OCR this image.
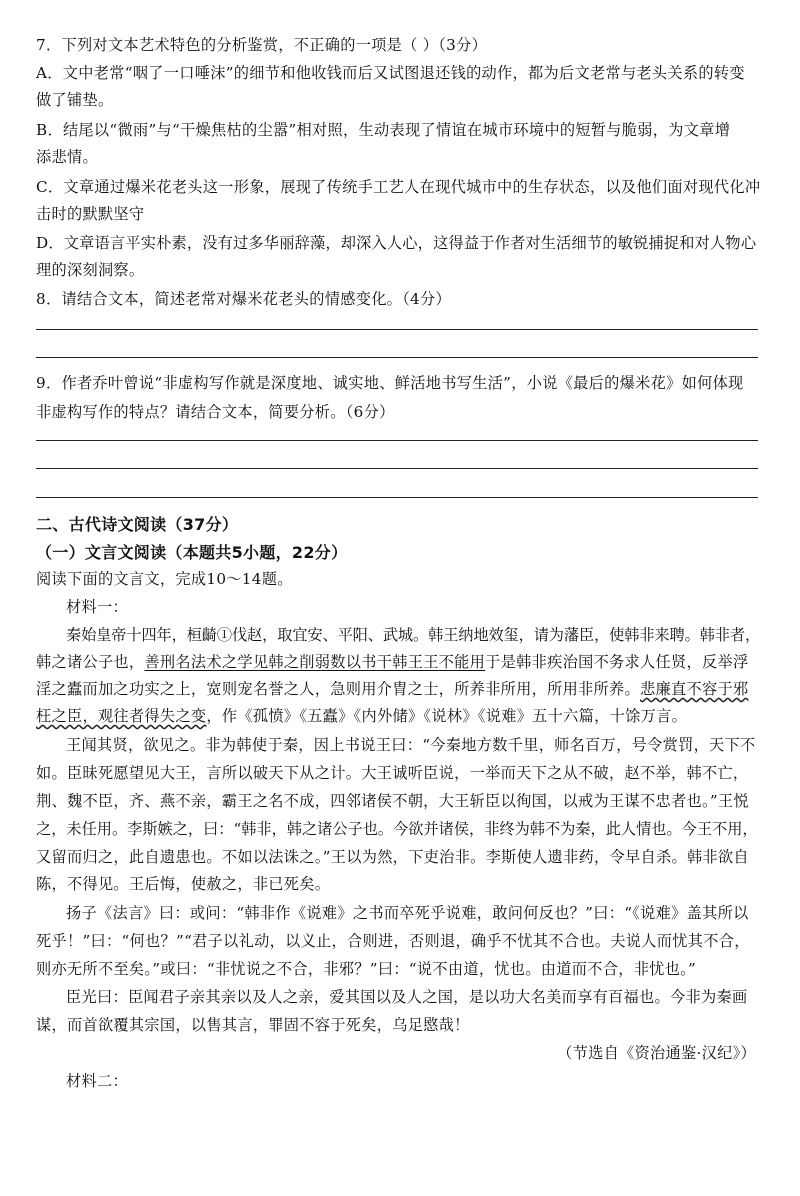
7．下列对文本艺术特色的分析鉴赏，不正确的一项是（ ）（3分）
A．文中老常“咽了一口唾沫”的细节和他收钱而后又试图退还钱的动作，都为后文老常与老头关系的转变
做了铺垫。
B．结尾以“微雨”与“干燥焦枯的尘嚣”相对照，生动表现了情谊在城市环境中的短暂与脆弱，为文章增
添悲情。
C．文章通过爆米花老头这一形象，展现了传统手工艺人在现代城市中的生存状态，以及他们面对现代化冲
击时的默默坚守
D．文章语言平实朴素，没有过多华丽辞藻，却深入人心，这得益于作者对生活细节的敏锐捕捉和对人物心
理的深刻洞察。
8．请结合文本，简述老常对爆米花老头的情感变化。（4分）
9．作者乔叶曾说“非虚构写作就是深度地、诚实地、鲜活地书写生活”，小说《最后的爆米花》如何体现
非虚构写作的特点？请结合文本，简要分析。（6分）
二、古代诗文阅读（37分）
（一）文言文阅读（本题共5小题，22分）
阅读下面的文言文，完成10～14题。
材料一：
秦始皇帝十四年，桓齮①伐赵，取宜安、平阳、武城。韩王纳地效玺，请为藩臣，使韩非来聘。韩非者，
韩之诸公子也，善刑名法术之学见韩之削弱数以书干韩王王不能用于是韩非疾治国不务求人任贤，反举浮
淫之蠹而加之功实之上，宽则宠名誉之人，急则用介胄之士，所养非所用，所用非所养。悲廉直不容于邪
枉之臣，观往者得失之变，作《孤愤》《五蠹》《内外储》《说林》《说难》五十六篇，十馀万言。
王闻其贤，欲见之。非为韩使于秦，因上书说王曰：“今秦地方数千里，师名百万，号令赏罚，天下不
如。臣昧死愿望见大王，言所以破天下从之计。大王诚听臣说，一举而天下之从不破，赵不举，韩不亡，
荆、魏不臣，齐、燕不亲，霸王之名不成，四邻诸侯不朝，大王斩臣以徇国，以戒为王谋不忠者也。”王悦
之，未任用。李斯嫉之，曰：“韩非，韩之诸公子也。今欲并诸侯，非终为韩不为秦，此人情也。今王不用，
又留而归之，此自遗患也。不如以法诛之。”王以为然，下吏治非。李斯使人遗非药，令早自杀。韩非欲自
陈，不得见。王后悔，使赦之，非已死矣。
扬子《法言》曰：或问：“韩非作《说难》之书而卒死乎说难，敢问何反也？”曰：“《说难》盖其所以
死乎！”曰：“何也？”“君子以礼动，以义止，合则进，否则退，确乎不忧其不合也。夫说人而忧其不合，
则亦无所不至矣。”或曰：“非忧说之不合，非邪？”曰：“说不由道，忧也。由道而不合，非忧也。”
臣光曰：臣闻君子亲其亲以及人之亲，爱其国以及人之国，是以功大名美而享有百福也。今非为秦画
谋，而首欲覆其宗国，以售其言，罪固不容于死矣，乌足愍哉！
（节选自《资治通鉴·汉纪》）
材料二：
